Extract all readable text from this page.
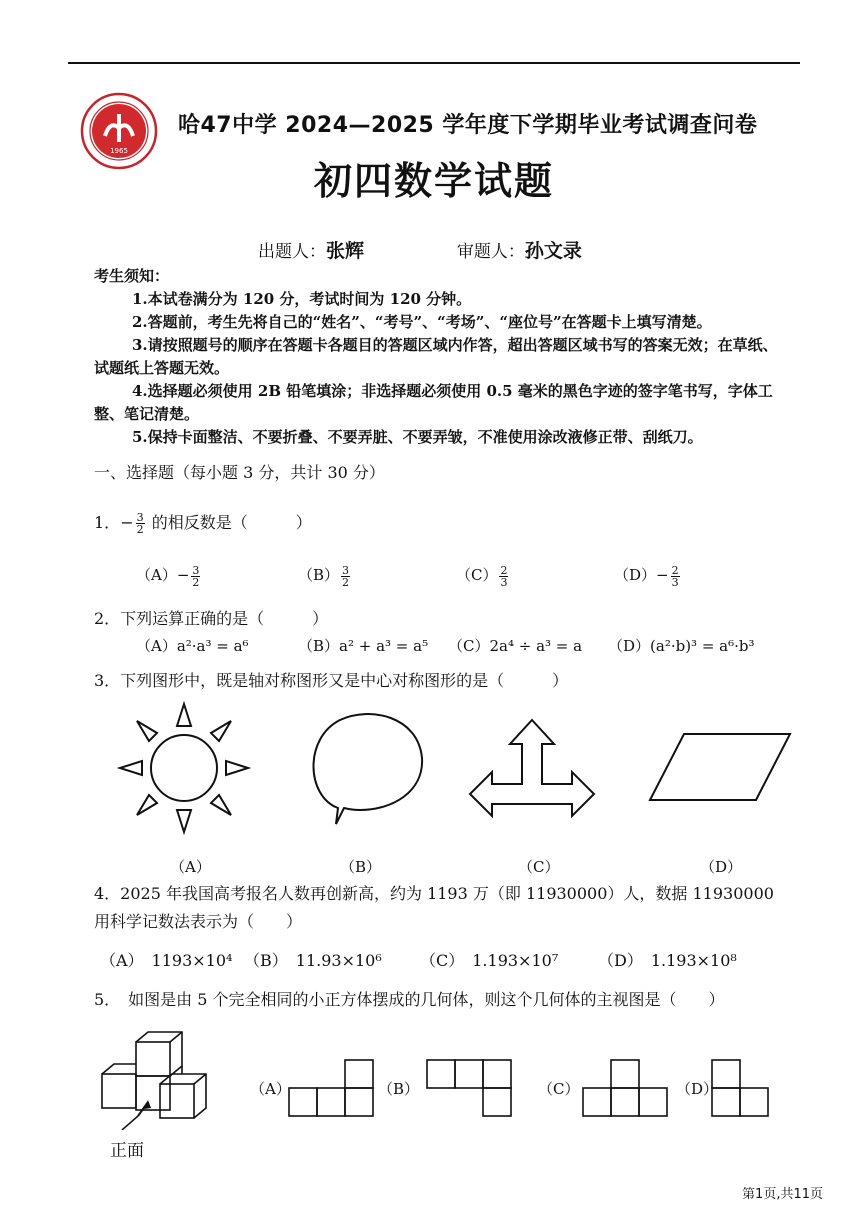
1965
哈47中学 2024—2025 学年度下学期毕业考试调查问卷
初四数学试题
出题人：张辉	审题人：孙文录
考生须知：
1.本试卷满分为 120 分，考试时间为 120 分钟。
2.答题前，考生先将自己的“姓名”、“考号”、“考场”、“座位号”在答题卡上填写清楚。
3.请按照题号的顺序在答题卡各题目的答题区域内作答，超出答题区域书写的答案无效；在草纸、试题纸上答题无效。
4.选择题必须使用 2B 铅笔填涂；非选择题必须使用 0.5 毫米的黑色字迹的签字笔书写，字体工整、笔记清楚。
5.保持卡面整洁、不要折叠、不要弄脏、不要弄皱，不准使用涂改液修正带、刮纸刀。
一、选择题（每小题 3 分，共计 30 分）
1．− $\frac{3}{2}$ 的相反数是（　　　）
$(A)- \frac{3}{2}$	$(B) \frac{3}{2}$	$(C) \frac{2}{3}$	$(D)- \frac{2}{3}$
2．下列运算正确的是（　　　）
（A）a²·a³ = a⁶	（B）a² + a³ = a⁵ （C）2a⁴ ÷ a³ = a （D）(a²·b)³ = a⁶·b³
3．下列图形中，既是轴对称图形又是中心对称图形的是（　　　）
（A）	（B）	（C）	（D）
4．2025 年我国高考报名人数再创新高，约为 1193 万（即 11930000）人，数据 11930000 用科学记数法表示为（　　）
（A）　1193×10⁴ （B）　11.93×10⁶ （C）　1.193×10⁷ （D）　1.193×10⁸
5．　如图是由 5 个完全相同的小正方体摆成的几何体，则这个几何体的主视图是（　　）
正面
（A）	（B）	（C）	（D）
第1页,共11页
